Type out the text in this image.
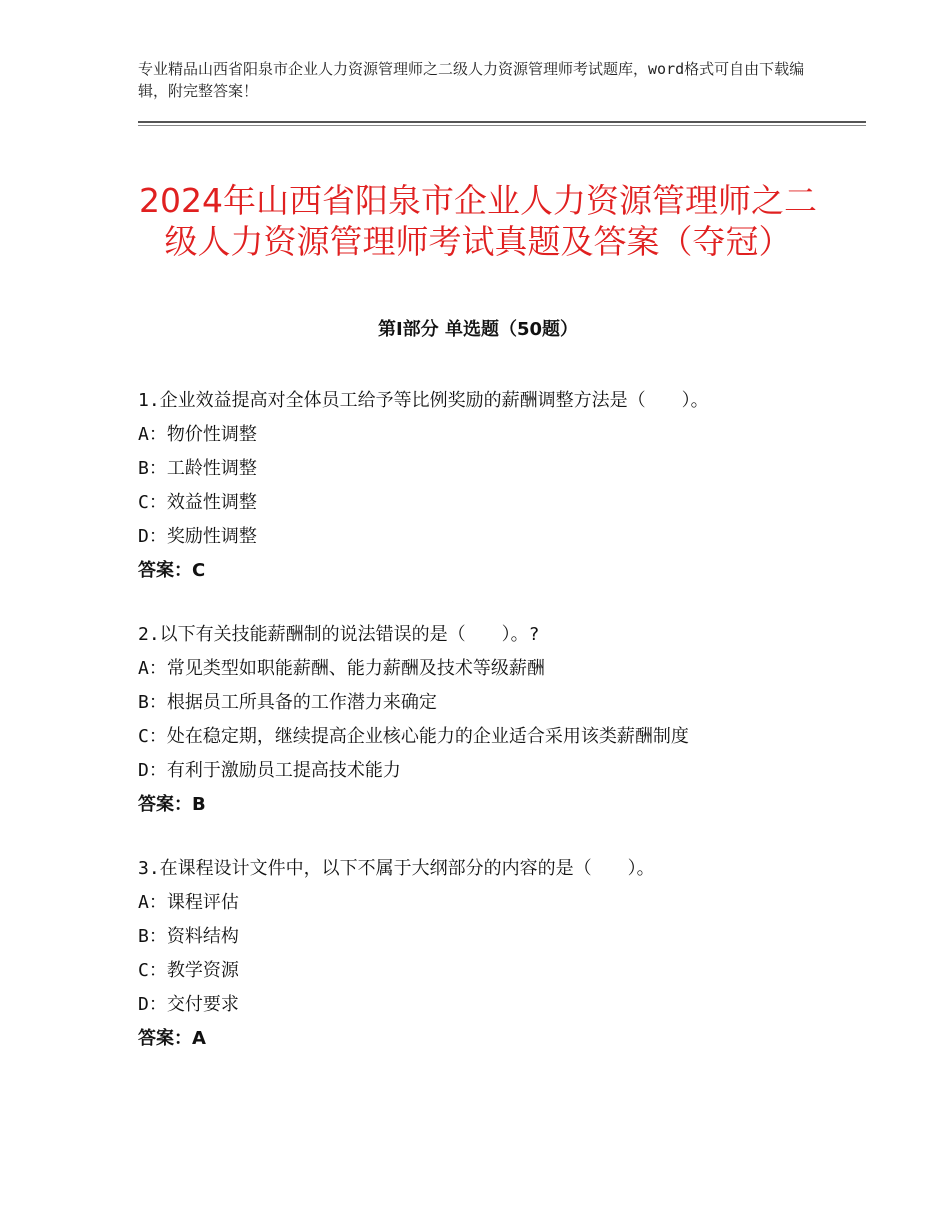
专业精品山西省阳泉市企业人力资源管理师之二级人力资源管理师考试题库，word格式可自由下载编辑，附完整答案！
2024年山西省阳泉市企业人力资源管理师之二级人力资源管理师考试真题及答案（夺冠）
第Ⅰ部分 单选题（50题）
1.企业效益提高对全体员工给予等比例奖励的薪酬调整方法是（　　）。
A：物价性调整
B：工龄性调整
C：效益性调整
D：奖励性调整
答案：C
2.以下有关技能薪酬制的说法错误的是（　　）。?
A：常见类型如职能薪酬、能力薪酬及技术等级薪酬
B：根据员工所具备的工作潜力来确定
C：处在稳定期，继续提高企业核心能力的企业适合采用该类薪酬制度
D：有利于激励员工提高技术能力
答案：B
3.在课程设计文件中，以下不属于大纲部分的内容的是（　　）。
A：课程评估
B：资料结构
C：教学资源
D：交付要求
答案：A
